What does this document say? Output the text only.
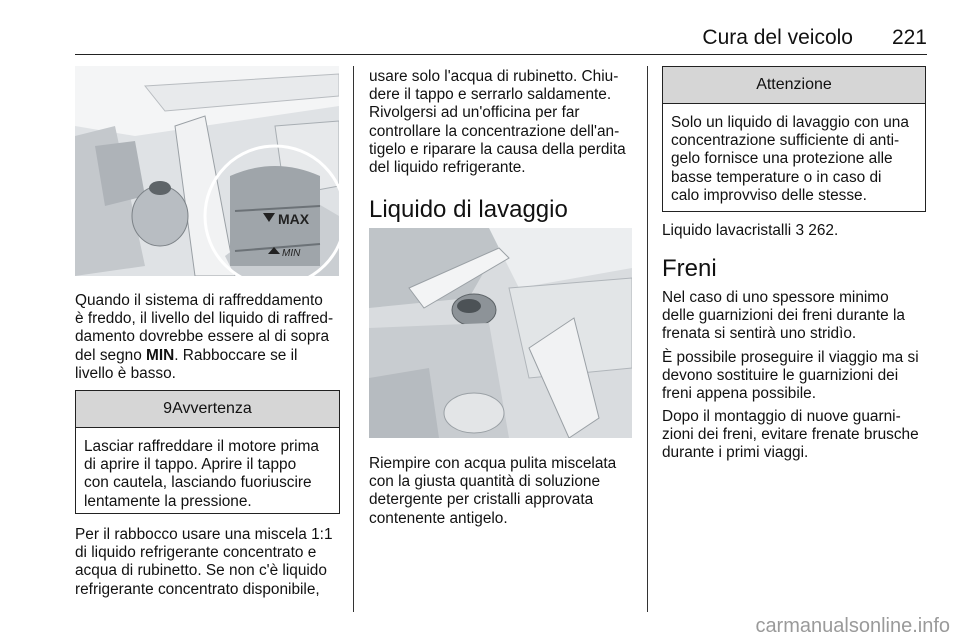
Cura del veicolo 221
MAX
MIN

Quando il sistema di raffreddamento

è freddo, il livello del liquido di raffred-

damento dovrebbe essere al di sopra

del segno MIN. Rabboccare se il

livello è basso.

9Avvertenza

Lasciar raffreddare il motore prima

di aprire il tappo. Aprire il tappo

con cautela, lasciando fuoriuscire

lentamente la pressione.

Per il rabbocco usare una miscela 1:1

di liquido refrigerante concentrato e

acqua di rubinetto. Se non c'è liquido

refrigerante concentrato disponibile,

usare solo l'acqua di rubinetto. Chiu-

dere il tappo e serrarlo saldamente.

Rivolgersi ad un'officina per far

controllare la concentrazione dell'an-

tigelo e riparare la causa della perdita

del liquido refrigerante.

Liquido di lavaggio

Riempire con acqua pulita miscelata

con la giusta quantità di soluzione

detergente per cristalli approvata

contenente antigelo.

Attenzione

Solo un liquido di lavaggio con una

concentrazione sufficiente di anti-

gelo fornisce una protezione alle

basse temperature o in caso di

calo improvviso delle stesse.

Liquido lavacristalli 3 262.

Freni

Nel caso di uno spessore minimo

delle guarnizioni dei freni durante la

frenata si sentirà uno stridìo.

È possibile proseguire il viaggio ma si

devono sostituire le guarnizioni dei

freni appena possibile.

Dopo il montaggio di nuove guarni-

zioni dei freni, evitare frenate brusche

durante i primi viaggi.

carmanualsonline.info
